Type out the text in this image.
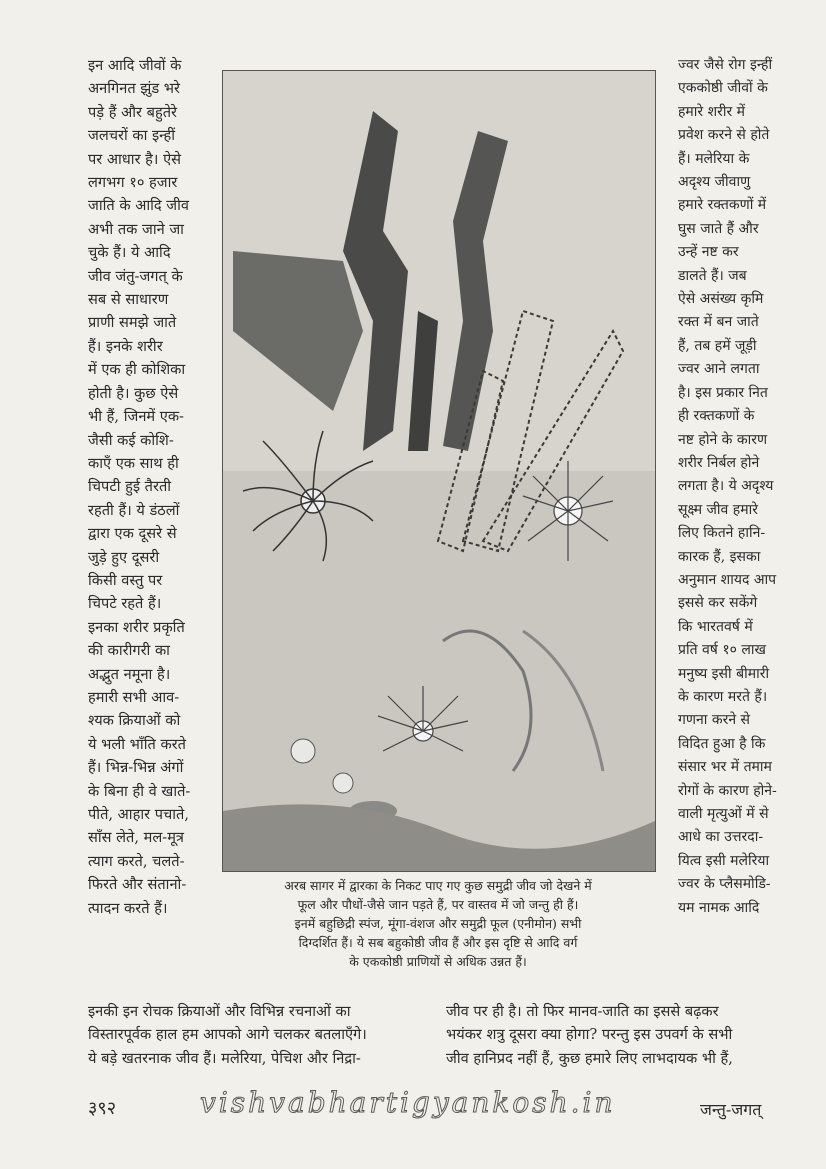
इन आदि जीवों के
अनगिनत झुंड भरे
पड़े हैं और बहुतेरे
जलचरों का इन्हीं
पर आधार है। ऐसे
लगभग १० हजार
जाति के आदि जीव
अभी तक जाने जा
चुके हैं। ये आदि
जीव जंतु-जगत् के
सब से साधारण
प्राणी समझे जाते
हैं। इनके शरीर
में एक ही कोशिका
होती है। कुछ ऐसे
भी हैं, जिनमें एक-
जैसी कई कोशि-
काएँ एक साथ ही
चिपटी हुई तैरती
रहती हैं। ये डंठलों
द्वारा एक दूसरे से
जुड़े हुए दूसरी
किसी वस्तु पर
चिपटे रहते हैं।
इनका शरीर प्रकृति
की कारीगरी का
अद्भुत नमूना है।
हमारी सभी आव-
श्यक क्रियाओं को
ये भली भाँति करते
हैं। भिन्न-भिन्न अंगों
के बिना ही वे खाते-
पीते, आहार पचाते,
साँस लेते, मल-मूत्र
त्याग करते, चलते-
फिरते और संतानो-
त्पादन करते हैं।
अरब सागर में द्वारका के निकट पाए गए कुछ समुद्री जीव जो देखने में
फूल और पौधों-जैसे जान पड़ते हैं, पर वास्तव में जो जन्तु ही हैं।
इनमें बहुछिद्री स्पंज, मूंगा-वंशज और समुद्री फूल (एनीमोन) सभी
दिग्दर्शित हैं। ये सब बहुकोष्ठी जीव हैं और इस दृष्टि से आदि वर्ग
के एककोष्ठी प्राणियों से अधिक उन्नत हैं।
ज्वर जैसे रोग इन्हीं
एककोष्ठी जीवों के
हमारे शरीर में
प्रवेश करने से होते
हैं। मलेरिया के
अदृश्य जीवाणु
हमारे रक्तकणों में
घुस जाते हैं और
उन्हें नष्ट कर
डालते हैं। जब
ऐसे असंख्य कृमि
रक्त में बन जाते
हैं, तब हमें जूड़ी
ज्वर आने लगता
है। इस प्रकार नित
ही रक्तकणों के
नष्ट होने के कारण
शरीर निर्बल होने
लगता है। ये अदृश्य
सूक्ष्म जीव हमारे
लिए कितने हानि-
कारक हैं, इसका
अनुमान शायद आप
इससे कर सकेंगे
कि भारतवर्ष में
प्रति वर्ष १० लाख
मनुष्य इसी बीमारी
के कारण मरते हैं।
गणना करने से
विदित हुआ है कि
संसार भर में तमाम
रोगों के कारण होने-
वाली मृत्युओं में से
आधे का उत्तरदा-
यित्व इसी मलेरिया
ज्वर के प्लैसमोडि-
यम नामक आदि
इनकी इन रोचक क्रियाओं और विभिन्न रचनाओं का
विस्तारपूर्वक हाल हम आपको आगे चलकर बतलाएँगे।
ये बड़े खतरनाक जीव हैं। मलेरिया, पेचिश और निद्रा-
जीव पर ही है। तो फिर मानव-जाति का इससे बढ़कर
भयंकर शत्रु दूसरा क्या होगा? परन्तु इस उपवर्ग के सभी
जीव हानिप्रद नहीं हैं, कुछ हमारे लिए लाभदायक भी हैं,
३९२	vishvabhartigyankosh.in	जन्तु-जगत्
